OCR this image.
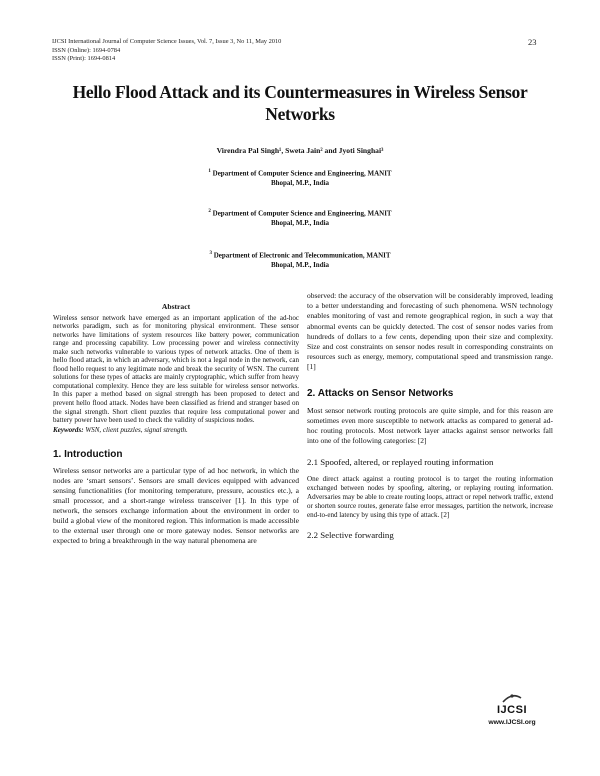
IJCSI International Journal of Computer Science Issues, Vol. 7, Issue 3, No 11, May 2010
ISSN (Online): 1694-0784
ISSN (Print): 1694-0814
23
Hello Flood Attack and its Countermeasures in Wireless Sensor Networks
Virendra Pal Singh¹, Sweta Jain² and Jyoti Singhai³
$^1$ Department of Computer Science and Engineering, MANIT
Bhopal, M.P., India
$^2$ Department of Computer Science and Engineering, MANIT
Bhopal, M.P., India
$^3$ Department of Electronic and Telecommunication, MANIT
Bhopal, M.P., India
Abstract

Wireless sensor network have emerged as an important application of the ad-hoc networks paradigm, such as for monitoring physical environment. These sensor networks have limitations of system resources like battery power, communication range and processing capability. Low processing power and wireless connectivity make such networks vulnerable to various types of network attacks. One of them is hello flood attack, in which an adversary, which is not a legal node in the network, can flood hello request to any legitimate node and break the security of WSN. The current solutions for these types of attacks are mainly cryptographic, which suffer from heavy computational complexity. Hence they are less suitable for wireless sensor networks. In this paper a method based on signal strength has been proposed to detect and prevent hello flood attack. Nodes have been classified as friend and stranger based on the signal strength. Short client puzzles that require less computational power and battery power have been used to check the validity of suspicious nodes.

Keywords: WSN, client puzzles, signal strength.

1. Introduction

Wireless sensor networks are a particular type of ad hoc network, in which the nodes are ‘smart sensors’. Sensors are small devices equipped with advanced sensing functionalities (for monitoring temperature, pressure, acoustics etc.), a small processor, and a short-range wireless transceiver [1]. In this type of network, the sensors exchange information about the environment in order to build a global view of the monitored region. This information is made accessible to the external user through one or more gateway nodes. Sensor networks are expected to bring a breakthrough in the way natural phenomena are

observed: the accuracy of the observation will be considerably improved, leading to a better understanding and forecasting of such phenomena. WSN technology enables monitoring of vast and remote geographical region, in such a way that abnormal events can be quickly detected. The cost of sensor nodes varies from hundreds of dollars to a few cents, depending upon their size and complexity. Size and cost constraints on sensor nodes result in corresponding constraints on resources such as energy, memory, computational speed and transmission range. [1]

2. Attacks on Sensor Networks

Most sensor network routing protocols are quite simple, and for this reason are sometimes even more susceptible to network attacks as compared to general ad-hoc routing protocols. Most network layer attacks against sensor networks fall into one of the following categories: [2]

2.1 Spoofed, altered, or replayed routing information

One direct attack against a routing protocol is to target the routing information exchanged between nodes by spoofing, altering, or replaying routing information. Adversaries may be able to create routing loops, attract or repel network traffic, extend or shorten source routes, generate false error messages, partition the network, increase end-to-end latency by using this type of attack. [2]

2.2 Selective forwarding
IJCSI
www.IJCSI.org
